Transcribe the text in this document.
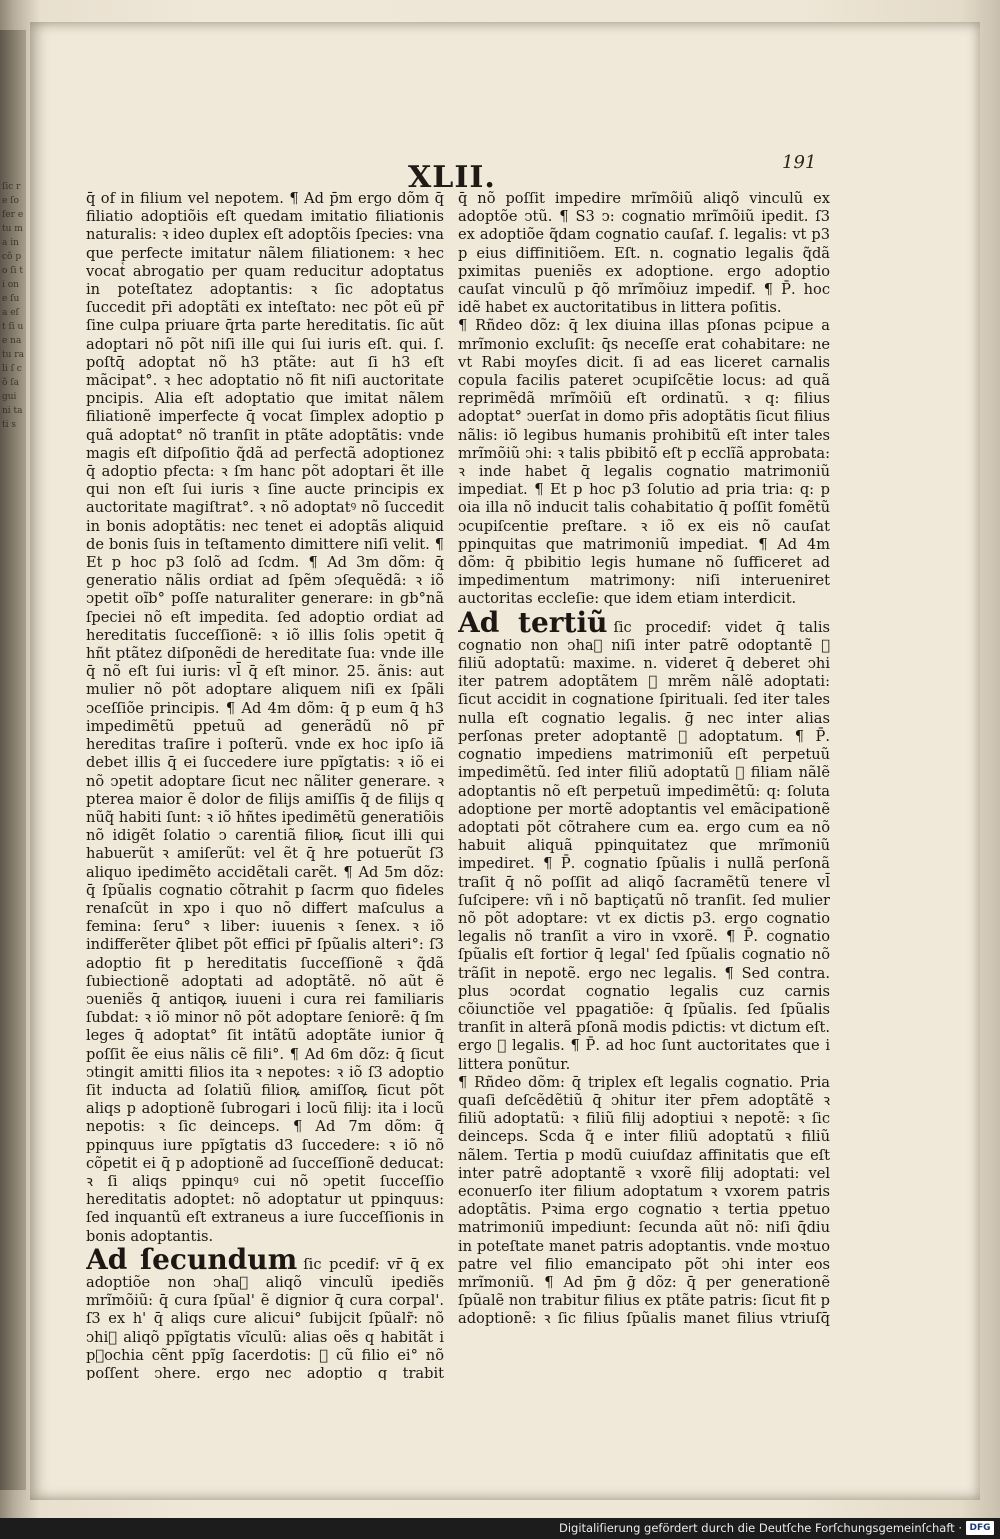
ſic re ſo fer e tu ma in cõ po ſi ti on e ſu a eſ t ſi ue na tu ra li ſ cõ ſa gui ni ta ti s
XLII.	191

q̄ of in filium vel nepotem. ¶ Ad p̄m ergo dõm q̄ filiatio adoptiõis eſt quedam imitatio filiationis naturalis: ꝛ ideo duplex eſt adoptõis ſpecies: vna que perfecte imitatur nãlem filiationem: ꝛ hec vocatᷣ abrogatio per quam reducitur adoptatus in poteſtatez adoptantis: ꝛ ſic adoptatus ſuccedit pr̄i adoptãti ex inteſtato: nec põt eũ pr̄ ſine culpa priuare q̄rta parte hereditatis. ſic aũt adoptari nõ põt niſi ille qui ſui iuris eſt. qui. ſ. poſtq̄ adoptat nõ h3 ptãte: aut ſi h3 eſt mãcipat°. ꝛ hec adoptatio nõ fit niſi auctoritate pncipis. Alia eſt adoptatio que imitat nãlem filiationẽ imperfecte q̄ vocat ſimplex adoptio p quã adoptat° nõ tranſit in ptãte adoptãtis: vnde magis eſt diſpoſitio q̃dã ad perfectã adoptionez q̄ adoptio pfecta: ꝛ ſm hanc põt adoptari ẽt ille qui non eſt ſui iuris ꝛ ſine aucte principis ex auctoritate magiſtrat°. ꝛ nõ adoptatꝰ nõ ſuccedit in bonis adoptãtis: nec tenet ei adoptãs aliquid de bonis ſuis in teſtamento dimittere niſi velit. ¶ Et p hoc p3 ſolõ ad ſcdm. ¶ Ad 3m dõm: q̄ generatio nãlis ordiat ad ſpẽm ↄſequẽdã: ꝛ iõ ↄpetit oĩb° poſſe naturaliter generare: in gb°nã ſpeciei nõ eſt impedita. ſed adoptio ordiat ad hereditatis ſucceſſionẽ: ꝛ iõ illis ſolis ↄpetit q̄ hñt ptãtez diſponẽdi de hereditate ſua: vnde ille q̄ nõ eſt ſui iuris: vl̄ q̄ eſt minor. 25. ãnis: aut mulier nõ põt adoptare aliquem niſi ex ſpãli ↄceſſiõe principis. ¶ Ad 4m dõm: q̄ p eum q̄ h3 impedimẽtũ ppetuũ ad generãdũ nõ pr̄ hereditas traſire i poſterũ. vnde ex hoc ipſo iã debet illis q̄ ei ſuccedere iure ppĩgtatis: ꝛ iõ ei nõ ↄpetit adoptare ſicut nec nãliter generare. ꝛ pterea maior ẽ dolor de filijs amiſſis q̄ de filijs q nũq̃ habiti ſunt: ꝛ iõ hñtes ipedimẽtũ generatiõis nõ idigẽt ſolatio ↄ carentiã filioꝶ ſicut illi qui habuerũt ꝛ amiſerũt: vel ẽt q̄ hre potuerũt ſ3 aliquo ipedimẽto accidẽtali carẽt. ¶ Ad 5m dõz: q̄ ſpũalis cognatio cõtrahit p ſacrm quo fideles renaſcũt in xpo i quo nõ differt maſculus a femina: ſeru° ꝛ liber: iuuenis ꝛ ſenex. ꝛ iõ indifferẽter q̄libet põt effici pr̄ ſpũalis alteri°: ſ3 adoptio fit p hereditatis ſucceſſionẽ ꝛ q̃dã ſubiectionẽ adoptati ad adoptãtẽ. nõ aũt ẽ ↄueniẽs q̄ antiqoꝶ iuueni i cura rei familiaris ſubdat: ꝛ iõ minor nõ põt adoptare ſeniorẽ: q̄ ſm leges q̄ adoptat° ſit intãtũ adoptãte iunior q̄ poſſit ẽe eius nãlis cẽ fili°. ¶ Ad 6m dõz: q̄ ſicut ↄtingit amitti filios ita ꝛ nepotes: ꝛ iõ ſ3 adoptio ſit inducta ad ſolatiũ filioꝶ amiſſoꝶ ſicut põt aliqs p adoptionẽ ſubrogari i locũ filij: ita i locũ nepotis: ꝛ ſic deinceps. ¶ Ad 7m dõm: q̄ ppinquus iure ppĩgtatis d3 ſuccedere: ꝛ iõ nõ cõpetit ei q̄ p adoptionẽ ad ſucceſſionẽ deducat: ꝛ ſi aliqs ppinquꝰ cui nõ ↄpetit ſucceſſio hereditatis adoptet: nõ adoptatur ut ppinquus: ſed inquantũ eſt extraneus a iure ſucceſſionis in bonis adoptantis.

Ad ſecundum ſic pcedif: vr̄ q̄ ex adoptiõe non ↄhaᷣ aliqõ vinculũ ipediẽs mrĩmõiũ: q̄ cura ſpũal' ẽ dignior q̄ cura corpal'. ſ3 ex h' q̄ aliqs cure alicui° ſubijcit ſpũalr̃: nõ ↄhiᷣ aliqõ ppĩgtatis vĩculũ: alias oẽs q habitãt i pꝛochia cẽnt ppĩg ſacerdotis: ꝛ cũ filio ei° nõ poſſent ↄhere. ergo nec adoptio q trabit

q̄ nõ poſſit impedire mrĩmõiũ aliqõ vinculũ ex adoptõe ↄtũ. ¶ S3 ↄ: cognatio mrĩmõiũ ipedit. ſ3 ex adoptiõe q̃dam cognatio cauſaf. ſ. legalis: vt p3 p eius diffinitiõem. Eſt. n. cognatio legalis q̃dã pximitas pueniẽs ex adoptione. ergo adoptio cauſat vinculũ p q̄õ mrĩmõiuz impedif. ¶ P̄. hoc idẽ habet ex auctoritatibus in littera poſitis.

¶ Rñdeo dõz: q̄ lex diuina illas pſonas pcipue a mrĩmonio excluſit: q̄s neceſſe erat cohabitare: ne vt Rabi moyſes dicit. ſi ad eas liceret carnalis copula facilis pateret ↄcupiſcẽtie locus: ad quã reprimẽdã mrĩmõiũ eſt ordinatũ. ꝛ q: filius adoptat° ↄuerſat in domo pr̄is adoptãtis ſicut filius nãlis: iõ legibus humanis prohibitũ eſt inter tales mrĩmõiũ ↄhi: ꝛ talis pbibitõ eſt p ecclĩã approbata: ꝛ inde habet q̄ legalis cognatio matrimoniũ impediat. ¶ Et p hoc p3 ſolutio ad pria tria: q: p oia illa nõ inducit talis cohabitatio q̄ poſſit fomẽtũ ↄcupiſcentie preſtare. ꝛ iõ ex eis nõ cauſat ppinquitas que matrimoniũ impediat. ¶ Ad 4m dõm: q̄ pbibitio legis humane nõ ſufficeret ad impedimentum matrimony: niſi interueniret auctoritas eccleſie: que idem etiam interdicit.

Ad tertiũ ſic procedif: videt q̄ talis cognatio non ↄhaᷣ niſi inter patrẽ odoptantẽ ꝛ filiũ adoptatũ: maxime. n. videret q̄ deberet ↄhi iter patrem adoptãtem ꝛ mrẽm nãlẽ adoptati: ſicut accidit in cognatione ſpirituali. ſed iter tales nulla eſt cognatio legalis. ḡ nec inter alias perſonas preter adoptantẽ ꝛ adoptatum. ¶ P̄. cognatio impediens matrimoniũ eſt perpetuũ impedimẽtũ. ſed inter filiũ adoptatũ ꝛ filiam nãlẽ adoptantis nõ eſt perpetuũ impedimẽtũ: q: ſoluta adoptione per mortẽ adoptantis vel emãcipationẽ adoptati põt cõtrahere cum ea. ergo cum ea nõ habuit aliquã ppinquitatez que mrĩmoniũ impediret. ¶ P̄. cognatio ſpũalis i nullã perſonã traſit q̄ nõ poſſit ad aliqõ ſacramẽtũ tenere vl̄ ſuſcipere: vñ i nõ baptiçatũ nõ tranſit. ſed mulier nõ põt adoptare: vt ex dictis p3. ergo cognatio legalis nõ tranſit a viro in vxorẽ. ¶ P̄. cognatio ſpũalis eſt fortior q̄ legal' ſed ſpũalis cognatio nõ trãſit in nepotẽ. ergo nec legalis. ¶ Sed contra. plus ↄcordat cognatio legalis cuz carnis cõiunctiõe vel ppagatiõe: q̄ ſpũalis. ſed ſpũalis tranſit in alterã pſonã modis pdictis: vt dictum eſt. ergo ꝛ legalis. ¶ P̄. ad hoc ſunt auctoritates que i littera ponũtur.

¶ Rñdeo dõm: q̄ triplex eſt legalis cognatio. Pria quaſi deſcẽdẽtiũ q̄ ↄhitur iter pr̄em adoptãtẽ ꝛ filiũ adoptatũ: ꝛ filiũ filij adoptiui ꝛ nepotẽ: ꝛ ſic deinceps. Scda q̃ e inter filiũ adoptatũ ꝛ filiũ nãlem. Tertia p modũ cuiuſdaz affinitatis que eſt inter patrẽ adoptantẽ ꝛ vxorẽ filij adoptati: vel econuerſo iter filium adoptatum ꝛ vxorem patris adoptãtis. Pꝛima ergo cognatio ꝛ tertia ppetuo matrimoniũ impediunt: ſecunda aũt nõ: niſi q̄diu in poteſtate manet patris adoptantis. vnde moꝛtuo patre vel filio emancipato põt ↄhi inter eos mrĩmoniũ. ¶ Ad p̄m ḡ dõz: q̄ per generationẽ ſpũalẽ non trabitur filius ex ptãte patris: ſicut fit p adoptionẽ: ꝛ ſic filius ſpũalis manet filius vtriuſq̄

Digitaliſierung gefördert durch die Deutſche Forſchungsgemeinſchaft · DFG
